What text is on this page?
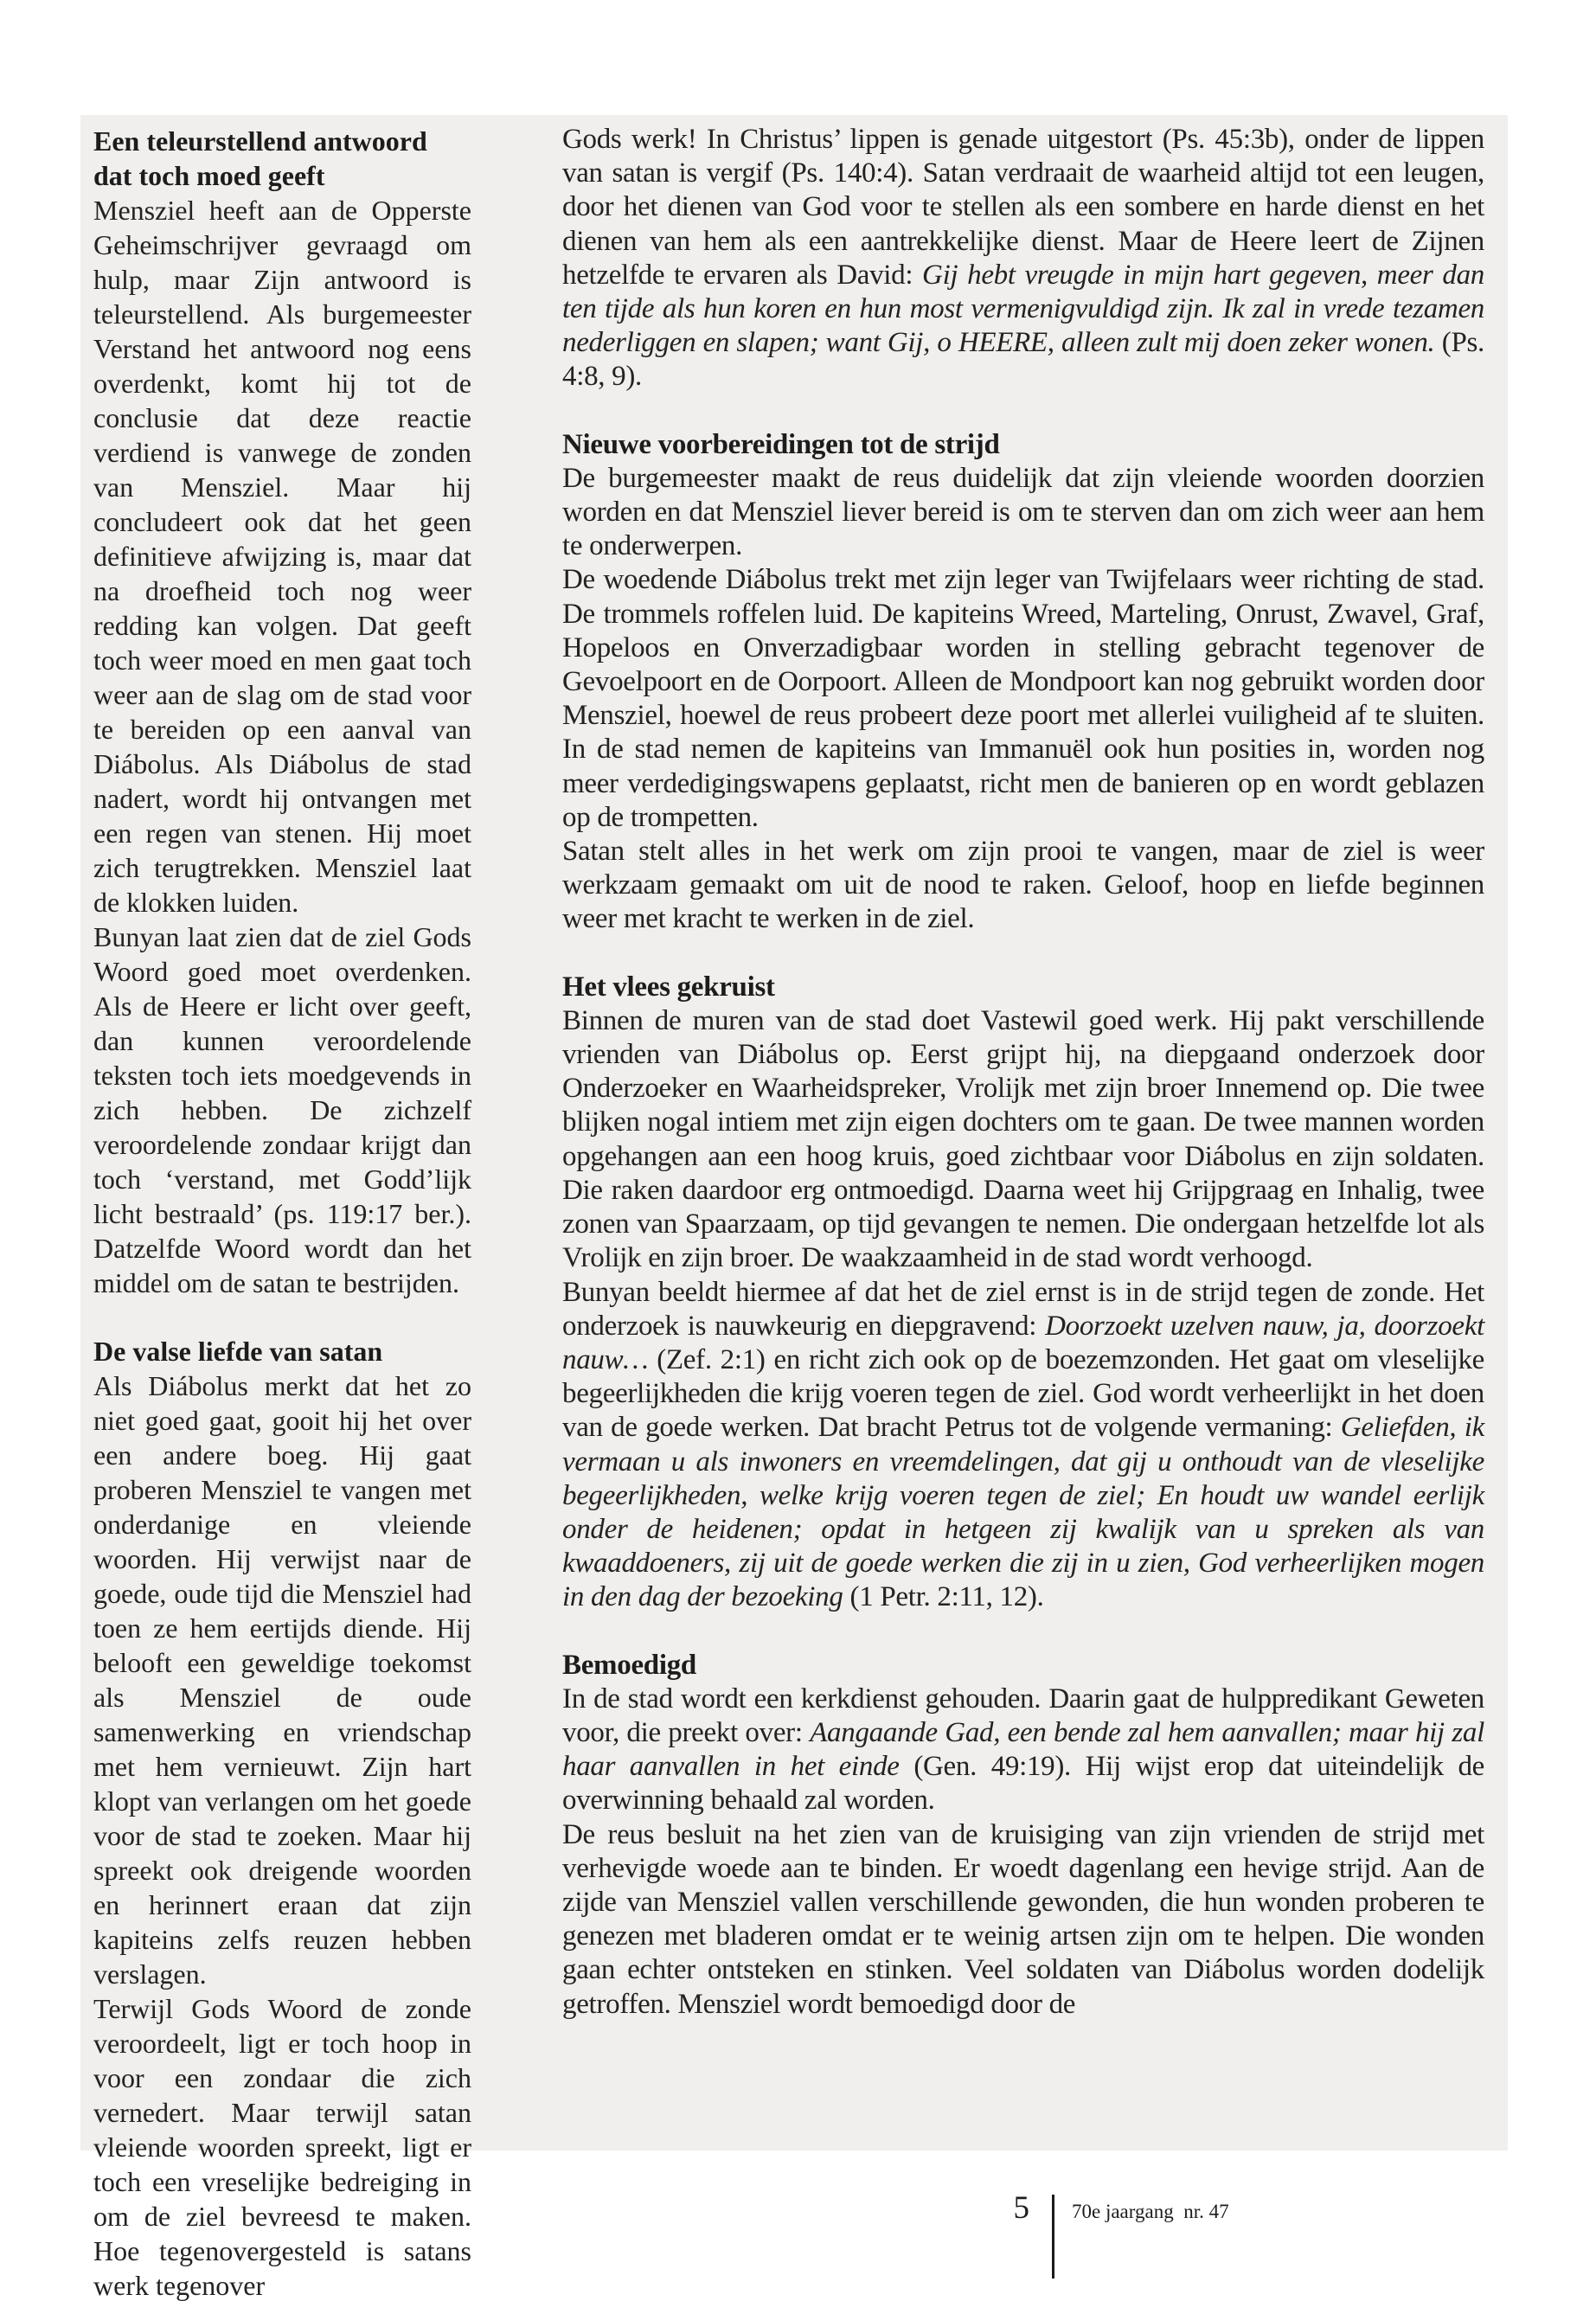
Een teleurstellend antwoord dat toch moed geeft

Mensziel heeft aan de Opperste Geheimschrijver gevraagd om hulp, maar Zijn antwoord is teleurstellend. Als burgemeester Verstand het antwoord nog eens overdenkt, komt hij tot de conclusie dat deze reactie verdiend is vanwege de zonden van Mensziel. Maar hij concludeert ook dat het geen definitieve afwijzing is, maar dat na droefheid toch nog weer redding kan volgen. Dat geeft toch weer moed en men gaat toch weer aan de slag om de stad voor te bereiden op een aanval van Diábolus. Als Diábolus de stad nadert, wordt hij ontvangen met een regen van stenen. Hij moet zich terugtrekken. Mensziel laat de klokken luiden.

Bunyan laat zien dat de ziel Gods Woord goed moet overdenken. Als de Heere er licht over geeft, dan kunnen veroordelende teksten toch iets moedgevends in zich hebben. De zichzelf veroordelende zondaar krijgt dan toch ‘verstand, met Godd’lijk licht bestraald’ (ps. 119:17 ber.). Datzelfde Woord wordt dan het middel om de satan te bestrijden.

De valse liefde van satan

Als Diábolus merkt dat het zo niet goed gaat, gooit hij het over een andere boeg. Hij gaat proberen Mensziel te vangen met onderdanige en vleiende woorden. Hij verwijst naar de goede, oude tijd die Mensziel had toen ze hem eertijds diende. Hij belooft een geweldige toekomst als Mensziel de oude samenwerking en vriendschap met hem vernieuwt. Zijn hart klopt van verlangen om het goede voor de stad te zoeken. Maar hij spreekt ook dreigende woorden en herinnert eraan dat zijn kapiteins zelfs reuzen hebben verslagen.

Terwijl Gods Woord de zonde veroordeelt, ligt er toch hoop in voor een zondaar die zich vernedert. Maar terwijl satan vleiende woorden spreekt, ligt er toch een vreselijke bedreiging in om de ziel bevreesd te maken. Hoe tegenovergesteld is satans werk tegenover

Gods werk! In Christus’ lippen is genade uitgestort (Ps. 45:3b), onder de lippen van satan is vergif (Ps. 140:4). Satan verdraait de waarheid altijd tot een leugen, door het dienen van God voor te stellen als een sombere en harde dienst en het dienen van hem als een aantrekkelijke dienst. Maar de Heere leert de Zijnen hetzelfde te ervaren als David: Gij hebt vreugde in mijn hart gegeven, meer dan ten tijde als hun koren en hun most vermenigvuldigd zijn. Ik zal in vrede tezamen nederliggen en slapen; want Gij, o HEERE, alleen zult mij doen zeker wonen. (Ps. 4:8, 9).

Nieuwe voorbereidingen tot de strijd

De burgemeester maakt de reus duidelijk dat zijn vleiende woorden doorzien worden en dat Mensziel liever bereid is om te sterven dan om zich weer aan hem te onderwerpen.

De woedende Diábolus trekt met zijn leger van Twijfelaars weer richting de stad. De trommels roffelen luid. De kapiteins Wreed, Marteling, Onrust, Zwavel, Graf, Hopeloos en Onverzadigbaar worden in stelling gebracht tegenover de Gevoelpoort en de Oorpoort. Alleen de Mondpoort kan nog gebruikt worden door Mensziel, hoewel de reus probeert deze poort met allerlei vuiligheid af te sluiten. In de stad nemen de kapiteins van Immanuël ook hun posities in, worden nog meer verdedigingswapens geplaatst, richt men de banieren op en wordt geblazen op de trompetten.

Satan stelt alles in het werk om zijn prooi te vangen, maar de ziel is weer werkzaam gemaakt om uit de nood te raken. Geloof, hoop en liefde beginnen weer met kracht te werken in de ziel.

Het vlees gekruist

Binnen de muren van de stad doet Vastewil goed werk. Hij pakt verschillende vrienden van Diábolus op. Eerst grijpt hij, na diepgaand onderzoek door Onderzoeker en Waarheidspreker, Vrolijk met zijn broer Innemend op. Die twee blijken nogal intiem met zijn eigen dochters om te gaan. De twee mannen worden opgehangen aan een hoog kruis, goed zichtbaar voor Diábolus en zijn soldaten. Die raken daardoor erg ontmoedigd. Daarna weet hij Grijpgraag en Inhalig, twee zonen van Spaarzaam, op tijd gevangen te nemen. Die ondergaan hetzelfde lot als Vrolijk en zijn broer. De waakzaamheid in de stad wordt verhoogd.

Bunyan beeldt hiermee af dat het de ziel ernst is in de strijd tegen de zonde. Het onderzoek is nauwkeurig en diepgravend: Doorzoekt uzelven nauw, ja, doorzoekt nauw… (Zef. 2:1) en richt zich ook op de boezemzonden. Het gaat om vleselijke begeerlijkheden die krijg voeren tegen de ziel. God wordt verheerlijkt in het doen van de goede werken. Dat bracht Petrus tot de volgende vermaning: Geliefden, ik vermaan u als inwoners en vreemdelingen, dat gij u onthoudt van de vleselijke begeerlijkheden, welke krijg voeren tegen de ziel; En houdt uw wandel eerlijk onder de heidenen; opdat in hetgeen zij kwalijk van u spreken als van kwaaddoeners, zij uit de goede werken die zij in u zien, God verheerlijken mogen in den dag der bezoeking (1 Petr. 2:11, 12).

Bemoedigd

In de stad wordt een kerkdienst gehouden. Daarin gaat de hulppredikant Geweten voor, die preekt over: Aangaande Gad, een bende zal hem aanvallen; maar hij zal haar aanvallen in het einde (Gen. 49:19). Hij wijst erop dat uiteindelijk de overwinning behaald zal worden.

De reus besluit na het zien van de kruisiging van zijn vrienden de strijd met verhevigde woede aan te binden. Er woedt dagenlang een hevige strijd. Aan de zijde van Mensziel vallen verschillende gewonden, die hun wonden proberen te genezen met bladeren omdat er te weinig artsen zijn om te helpen. Die wonden gaan echter ontsteken en stinken. Veel soldaten van Diábolus worden dodelijk getroffen. Mensziel wordt bemoedigd door de

5 70e jaargang  nr. 47
